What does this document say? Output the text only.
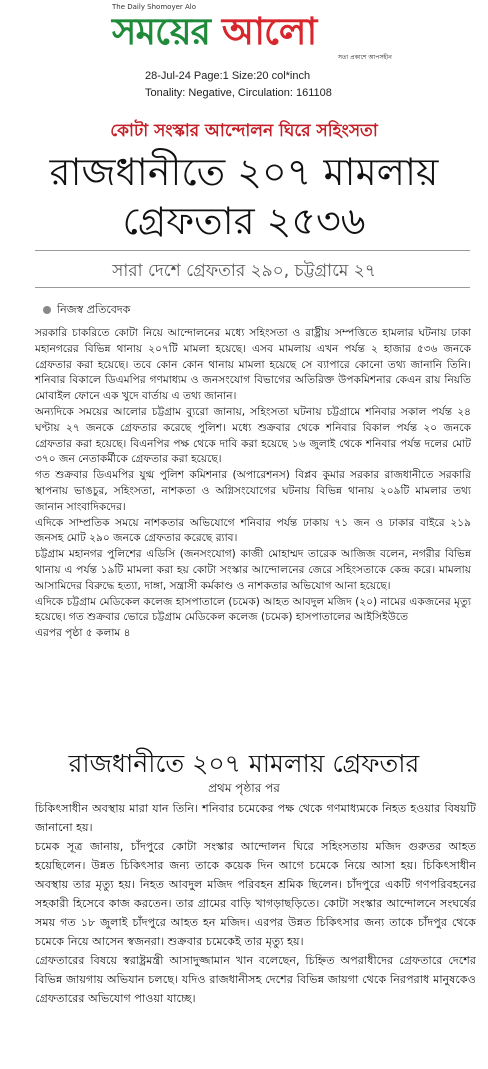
The Daily Shomoyer Alo
সময়ের আলো
সত্য প্রকাশে আপসহীন
28-Jul-24 Page:1 Size:20 col*inch
Tonality: Negative, Circulation: 161108
কোটা সংস্কার আন্দোলন ঘিরে সহিংসতা
রাজধানীতে ২০৭ মামলায়
গ্রেফতার ২৫৩৬
সারা দেশে গ্রেফতার ২৯০, চট্টগ্রামে ২৭
নিজস্ব প্রতিবেদক

সরকারি চাকরিতে কোটা নিয়ে আন্দোলনের মধ্যে সহিংসতা ও রাষ্ট্রীয় সম্পত্তিতে হামলার ঘটনায় ঢাকা মহানগরের বিভিন্ন থানায় ২০৭টি মামলা হয়েছে। এসব মামলায় এখন পর্যন্ত ২ হাজার ৫৩৬ জনকে গ্রেফতার করা হয়েছে। তবে কোন কোন থানায় মামলা হয়েছে সে ব্যাপারে কোনো তথ্য জানানি তিনি। শনিবার বিকালে ডিএমপির গণমাধ্যম ও জনসংযোগ বিভাগের অতিরিক্ত উপকমিশনার কেএন রায় নিয়তি মোবাইল ফোনে এক খুদে বার্তায় এ তথ্য জানান।

অন্যদিকে সময়ের আলোর চট্টগ্রাম ব্যুরো জানায়, সহিংসতা ঘটনায় চট্টগ্রামে শনিবার সকাল পর্যন্ত ২৪ ঘণ্টায় ২৭ জনকে গ্রেফতার করেছে পুলিশ। মধ্যে শুক্রবার থেকে শনিবার বিকাল পর্যন্ত ২০ জনকে গ্রেফতার করা হয়েছে। বিএনপির পক্ষ থেকে দাবি করা হয়েছে ১৬ জুলাই থেকে শনিবার পর্যন্ত দলের মোট ৩৭০ জন নেতাকর্মীকে গ্রেফতার করা হয়েছে।

গত শুক্রবার ডিএমপির যুগ্ম পুলিশ কমিশনার (অপারেশনস) বিপ্লব কুমার সরকার রাজধানীতে সরকারি স্থাপনায় ভাঙচুর, সহিংসতা, নাশকতা ও অগ্নিসংযোগের ঘটনায় বিভিন্ন থানায় ২০৯টি মামলার তথ্য জানান সাংবাদিকদের।

এদিকে সাম্প্রতিক সময়ে নাশকতার অভিযোগে শনিবার পর্যন্ত ঢাকায় ৭১ জন ও ঢাকার বাইরে ২১৯ জনসহ মোট ২৯০ জনকে গ্রেফতার করেছে র‌্যাব।

চট্টগ্রাম মহানগর পুলিশের এডিসি (জনসংযোগ) কাজী মোহাম্মদ তারেক আজিজ বলেন, নগরীর বিভিন্ন থানায় এ পর্যন্ত ১৯টি মামলা করা হয় কোটা সংস্কার আন্দোলনের জেরে সহিংসতাকে কেন্দ্র করে। মামলায় আসামিদের বিরুদ্ধে হত্যা, দাঙ্গা, সন্ত্রাসী কর্মকাণ্ড ও নাশকতার অভিযোগ আনা হয়েছে।

এদিকে চট্টগ্রাম মেডিকেল কলেজ হাসপাতালে (চমেক) আহত আবদুল মজিদ (২০) নামের একজনের মৃত্যু হয়েছে। গত শুক্রবার ভোরে চট্টগ্রাম মেডিকেল কলেজ (চমেক) হাসপাতালের আইসিইউতে

এরপর পৃষ্ঠা ৫ কলাম ৪

রাজধানীতে ২০৭ মামলায় গ্রেফতার
প্রথম পৃষ্ঠার পর

চিকিৎসাধীন অবস্থায় মারা যান তিনি। শনিবার চমেকের পক্ষ থেকে গণমাধ্যমকে নিহত হওয়ার বিষয়টি জানানো হয়।

চমেক সূত্র জানায়, চাঁদপুরে কোটা সংস্কার আন্দোলন ঘিরে সহিংসতায় মজিদ গুরুতর আহত হয়েছিলেন। উন্নত চিকিৎসার জন্য তাকে কয়েক দিন আগে চমেকে নিয়ে আসা হয়। চিকিৎসাধীন অবস্থায় তার মৃত্যু হয়। নিহত আবদুল মজিদ পরিবহন শ্রমিক ছিলেন। চাঁদপুরে একটি গণপরিবহনের সহকারী হিসেবে কাজ করতেন। তার গ্রামের বাড়ি খাগড়াছড়িতে। কোটা সংস্কার আন্দোলনে সংঘর্ষের সময় গত ১৮ জুলাই চাঁদপুরে আহত হন মজিদ। এরপর উন্নত চিকিৎসার জন্য তাকে চাঁদপুর থেকে চমেকে নিয়ে আসেন স্বজনরা। শুক্রবার চমেকেই তার মৃত্যু হয়।

গ্রেফতারের বিষয়ে স্বরাষ্ট্রমন্ত্রী আসাদুজ্জামান খান বলেছেন, চিহ্নিত অপরাধীদের গ্রেফতারে দেশের বিভিন্ন জায়গায় অভিযান চলছে। যদিও রাজধানীসহ দেশের বিভিন্ন জায়গা থেকে নিরপরাধ মানুষকেও গ্রেফতারের অভিযোগ পাওয়া যাচ্ছে।
